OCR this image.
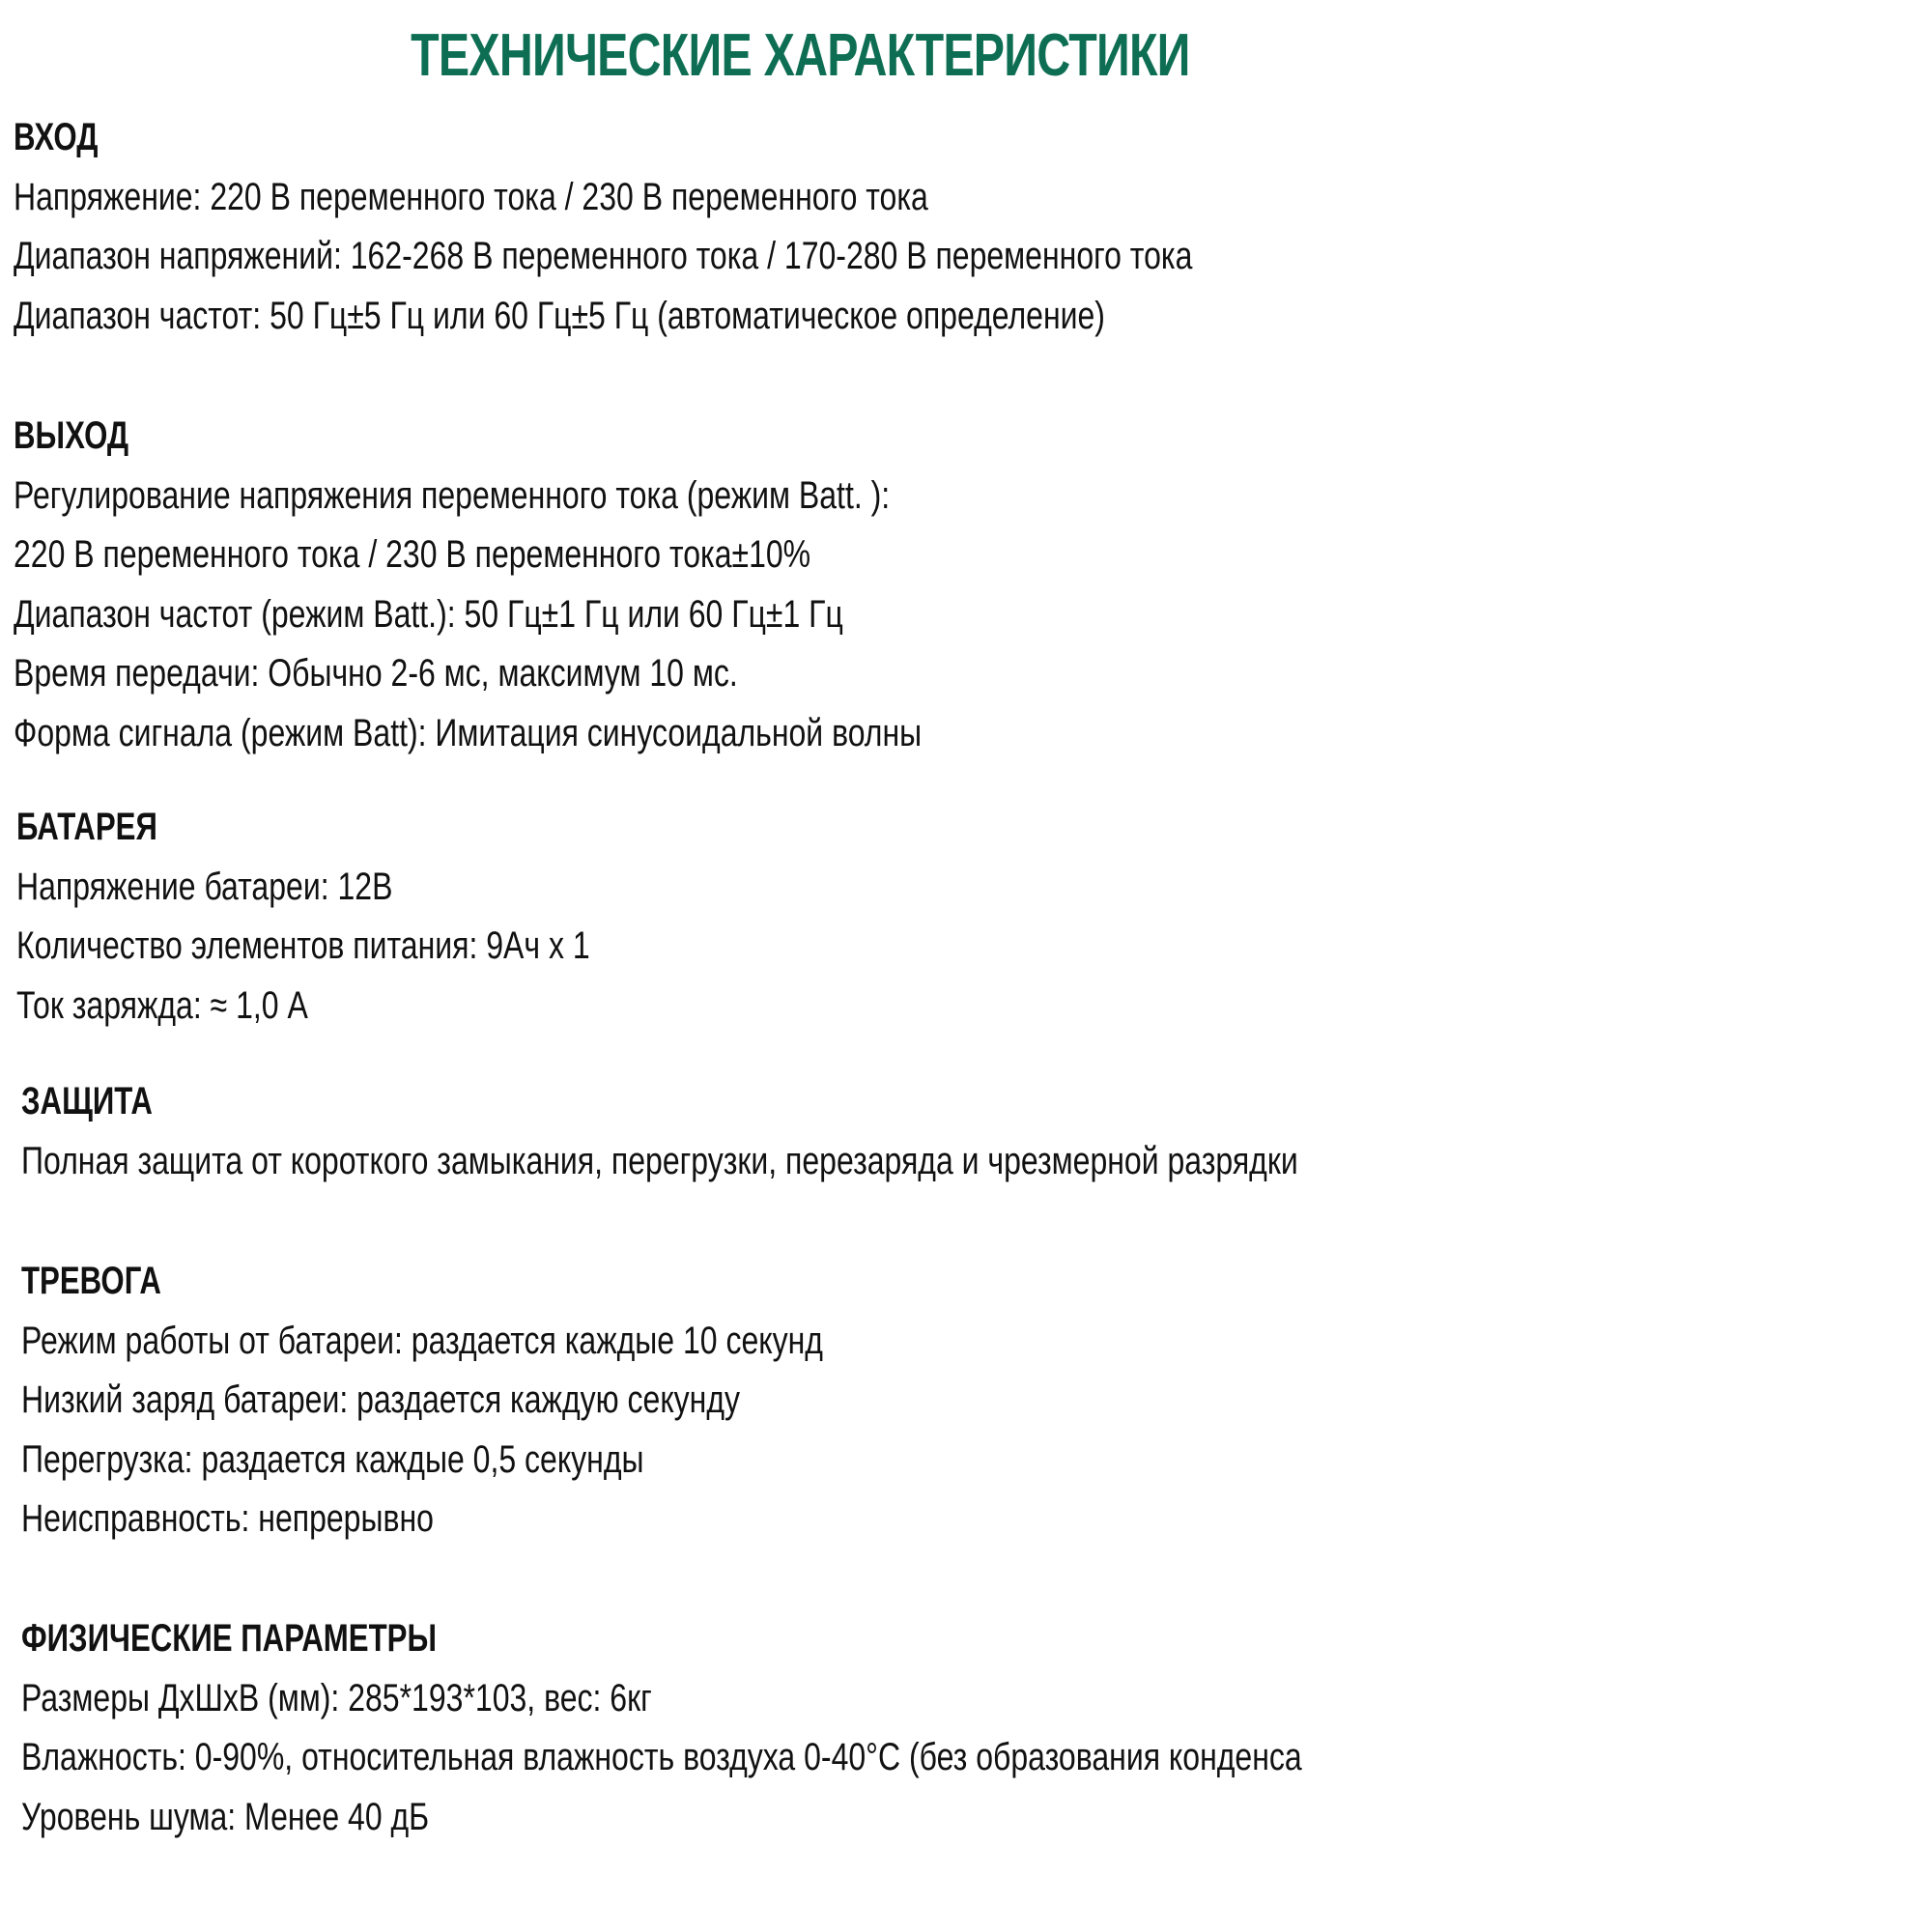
ТЕХНИЧЕСКИЕ ХАРАКТЕРИСТИКИ
ВХОД
Напряжение: 220 В переменного тока / 230 В переменного тока
Диапазон напряжений: 162-268 В переменного тока / 170-280 В переменного тока
Диапазон частот: 50 Гц±5 Гц или 60 Гц±5 Гц (автоматическое определение)
ВЫХОД
Регулирование напряжения переменного тока (режим Batt. ):
220 В переменного тока / 230 В переменного тока±10%
Диапазон частот (режим Batt.): 50 Гц±1 Гц или 60 Гц±1 Гц
Время передачи: Обычно 2-6 мс, максимум 10 мс.
Форма сигнала (режим Batt): Имитация синусоидальной волны
БАТАРЕЯ
Напряжение батареи: 12В
Количество элементов питания: 9Ач x 1
Ток заряжда: ≈ 1,0 А
ЗАЩИТА
Полная защита от короткого замыкания, перегрузки, перезаряда и чрезмерной разрядки
ТРЕВОГА
Режим работы от батареи: раздается каждые 10 секунд
Низкий заряд батареи: раздается каждую секунду
Перегрузка: раздается каждые 0,5 секунды
Неисправность: непрерывно
ФИЗИЧЕСКИЕ ПАРАМЕТРЫ
Размеры ДхШхВ (мм): 285*193*103, вес: 6кг
Влажность: 0-90%, относительная влажность воздуха 0-40°С (без образования конденса
Уровень шума: Менее 40 дБ
